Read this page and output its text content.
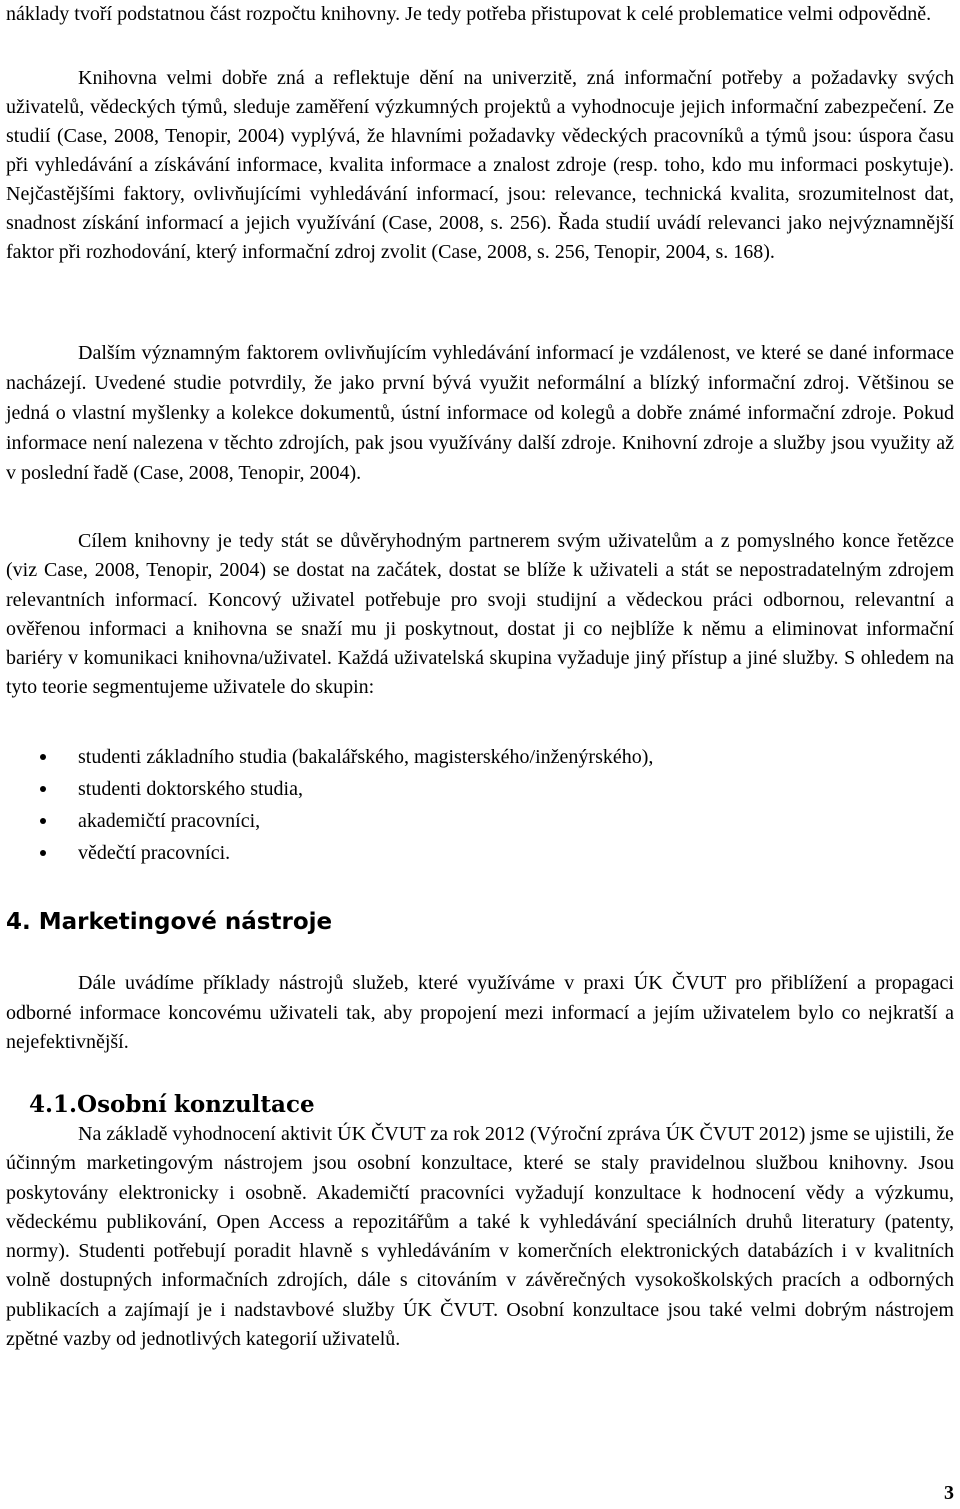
náklady tvoří podstatnou část rozpočtu knihovny. Je tedy potřeba přistupovat k celé problematice velmi odpovědně.

Knihovna velmi dobře zná a reflektuje dění na univerzitě, zná informační potřeby a požadavky svých uživatelů, vědeckých týmů, sleduje zaměření výzkumných projektů a vyhodnocuje jejich informační zabezpečení. Ze studií (Case, 2008, Tenopir, 2004) vyplývá, že hlavními požadavky vědeckých pracovníků a týmů jsou: úspora času při vyhledávání a získávání informace, kvalita informace a znalost zdroje (resp. toho, kdo mu informaci poskytuje). Nejčastějšími faktory, ovlivňujícími vyhledávání informací, jsou: relevance, technická kvalita, srozumitelnost dat, snadnost získání informací a jejich využívání (Case, 2008, s. 256). Řada studií uvádí relevanci jako nejvýznamnější faktor při rozhodování, který informační zdroj zvolit (Case, 2008, s. 256, Tenopir, 2004, s. 168).

Dalším významným faktorem ovlivňujícím vyhledávání informací je vzdálenost, ve které se dané informace nacházejí. Uvedené studie potvrdily, že jako první bývá využit neformální a blízký informační zdroj. Většinou se jedná o vlastní myšlenky a kolekce dokumentů, ústní informace od kolegů a dobře známé informační zdroje. Pokud informace není nalezena v těchto zdrojích, pak jsou využívány další zdroje. Knihovní zdroje a služby jsou využity až v poslední řadě (Case, 2008, Tenopir, 2004).

Cílem knihovny je tedy stát se důvěryhodným partnerem svým uživatelům a z pomyslného konce řetězce (viz Case, 2008, Tenopir, 2004) se dostat na začátek, dostat se blíže k uživateli a stát se nepostradatelným zdrojem relevantních informací. Koncový uživatel potřebuje pro svoji studijní a vědeckou práci odbornou, relevantní a ověřenou informaci a knihovna se snaží mu ji poskytnout, dostat ji co nejblíže k němu a eliminovat informační bariéry v komunikaci knihovna/uživatel. Každá uživatelská skupina vyžaduje jiný přístup a jiné služby. S ohledem na tyto teorie segmentujeme uživatele do skupin:

studenti základního studia (bakalářského, magisterského/inženýrského),
studenti doktorského studia,
akademičtí pracovníci,
vědečtí pracovníci.
4. Marketingové nástroje

Dále uvádíme příklady nástrojů služeb, které využíváme v praxi ÚK ČVUT pro přiblížení a propagaci odborné informace koncovému uživateli tak, aby propojení mezi informací a jejím uživatelem bylo co nejkratší a nejefektivnější.

4.1.Osobní konzultace

Na základě vyhodnocení aktivit ÚK ČVUT za rok 2012 (Výroční zpráva ÚK ČVUT 2012) jsme se ujistili, že účinným marketingovým nástrojem jsou osobní konzultace, které se staly pravidelnou službou knihovny. Jsou poskytovány elektronicky i osobně. Akademičtí pracovníci vyžadují konzultace k hodnocení vědy a výzkumu, vědeckému publikování, Open Access a repozitářům a také k vyhledávání speciálních druhů literatury (patenty, normy). Studenti potřebují poradit hlavně s vyhledáváním v komerčních elektronických databázích i v kvalitních volně dostupných informačních zdrojích, dále s citováním v závěrečných vysokoškolských pracích a odborných publikacích a zajímají je i nadstavbové služby ÚK ČVUT. Osobní konzultace jsou také velmi dobrým nástrojem zpětné vazby od jednotlivých kategorií uživatelů.

3
